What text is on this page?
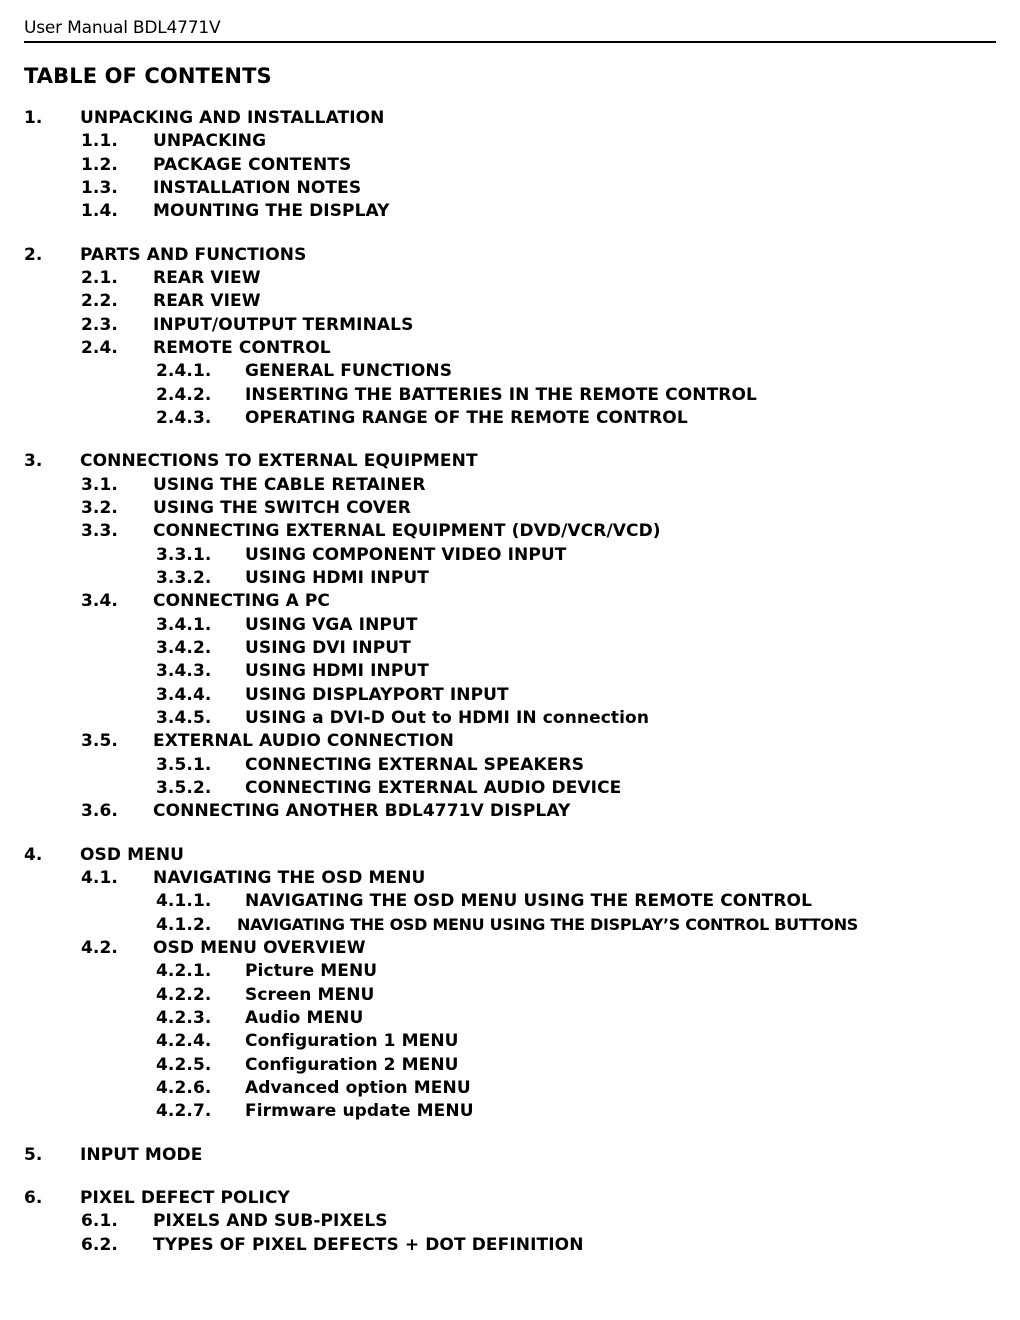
User Manual BDL4771V
TABLE OF CONTENTS
1. UNPACKING AND INSTALLATION
1.1. UNPACKING
1.2. PACKAGE CONTENTS
1.3. INSTALLATION NOTES
1.4. MOUNTING THE DISPLAY
2. PARTS AND FUNCTIONS
2.1. REAR VIEW
2.2. REAR VIEW
2.3. INPUT/OUTPUT TERMINALS
2.4. REMOTE CONTROL
2.4.1. GENERAL FUNCTIONS
2.4.2. INSERTING THE BATTERIES IN THE REMOTE CONTROL
2.4.3. OPERATING RANGE OF THE REMOTE CONTROL
3. CONNECTIONS TO EXTERNAL EQUIPMENT
3.1. USING THE CABLE RETAINER
3.2. USING THE SWITCH COVER
3.3. CONNECTING EXTERNAL EQUIPMENT (DVD/VCR/VCD)
3.3.1. USING COMPONENT VIDEO INPUT
3.3.2. USING HDMI INPUT
3.4. CONNECTING A PC
3.4.1. USING VGA INPUT
3.4.2. USING DVI INPUT
3.4.3. USING HDMI INPUT
3.4.4. USING DISPLAYPORT INPUT
3.4.5. USING a DVI-D Out to HDMI IN connection
3.5. EXTERNAL AUDIO CONNECTION
3.5.1. CONNECTING EXTERNAL SPEAKERS
3.5.2. CONNECTING EXTERNAL AUDIO DEVICE
3.6. CONNECTING ANOTHER BDL4771V DISPLAY
4. OSD MENU
4.1. NAVIGATING THE OSD MENU
4.1.1. NAVIGATING THE OSD MENU USING THE REMOTE CONTROL
4.1.2. NAVIGATING THE OSD MENU USING THE DISPLAY’S CONTROL BUTTONS
4.2. OSD MENU OVERVIEW
4.2.1. Picture MENU
4.2.2. Screen MENU
4.2.3. Audio MENU
4.2.4. Configuration 1 MENU
4.2.5. Configuration 2 MENU
4.2.6. Advanced option MENU
4.2.7. Firmware update MENU
5. INPUT MODE
6. PIXEL DEFECT POLICY
6.1. PIXELS AND SUB-PIXELS
6.2. TYPES OF PIXEL DEFECTS + DOT DEFINITION
